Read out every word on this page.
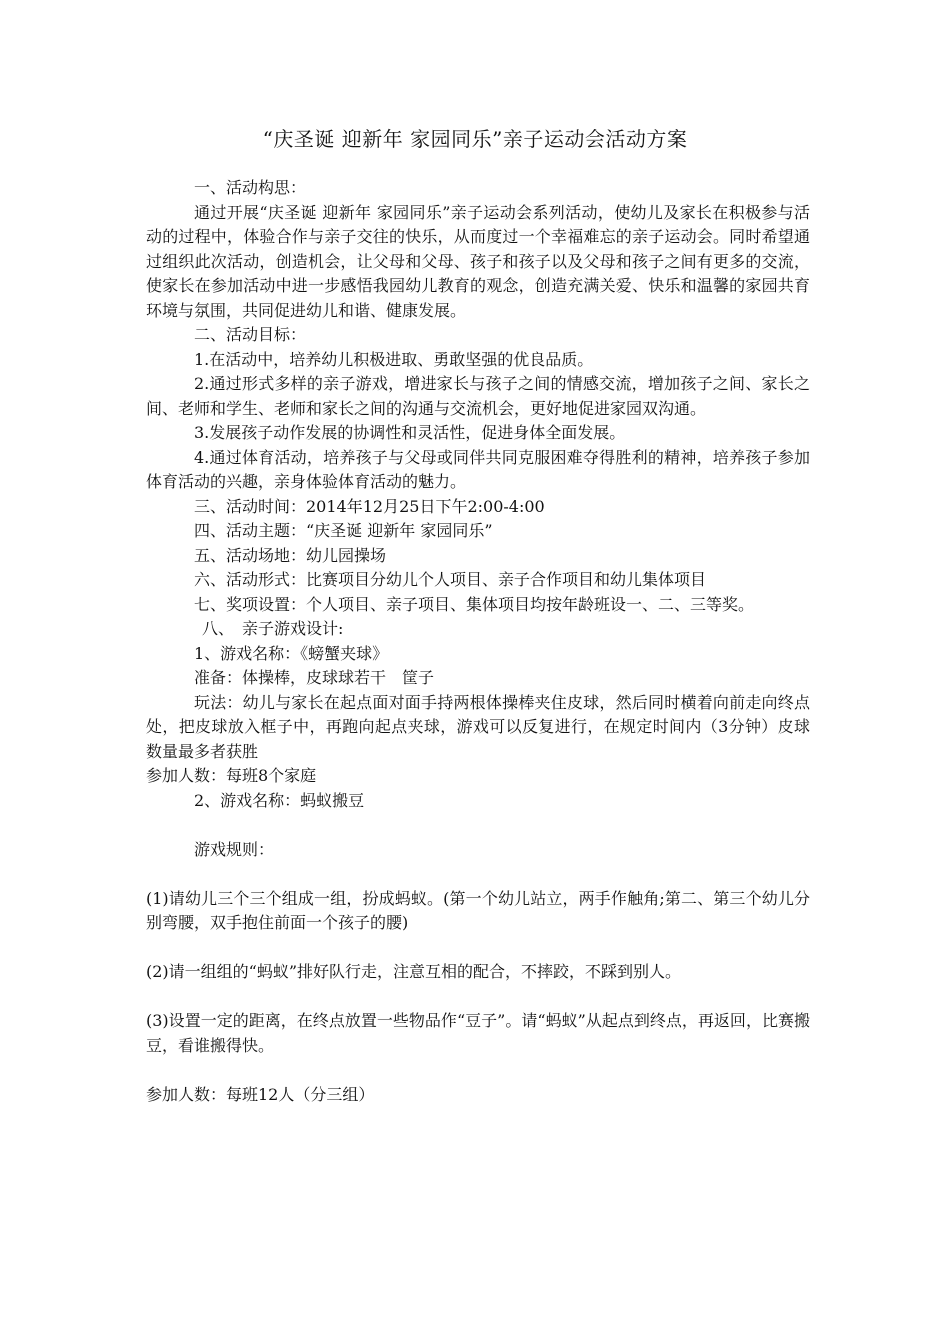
“庆圣诞 迎新年 家园同乐”亲子运动会活动方案

一、活动构思：

通过开展“庆圣诞 迎新年 家园同乐”亲子运动会系列活动，使幼儿及家长在积极参与活动的过程中，体验合作与亲子交往的快乐，从而度过一个幸福难忘的亲子运动会。同时希望通过组织此次活动，创造机会，让父母和父母、孩子和孩子以及父母和孩子之间有更多的交流，使家长在参加活动中进一步感悟我园幼儿教育的观念，创造充满关爱、快乐和温馨的家园共育环境与氛围，共同促进幼儿和谐、健康发展。

二、活动目标：

1.在活动中，培养幼儿积极进取、勇敢坚强的优良品质。

2.通过形式多样的亲子游戏，增进家长与孩子之间的情感交流，增加孩子之间、家长之间、老师和学生、老师和家长之间的沟通与交流机会，更好地促进家园双沟通。

3.发展孩子动作发展的协调性和灵活性，促进身体全面发展。

4.通过体育活动，培养孩子与父母或同伴共同克服困难夺得胜利的精神，培养孩子参加体育活动的兴趣，亲身体验体育活动的魅力。

三、活动时间：2014年12月25日下午2:00-4:00

四、活动主题：“庆圣诞 迎新年 家园同乐”

五、活动场地：幼儿园操场

六、活动形式：比赛项目分幼儿个人项目、亲子合作项目和幼儿集体项目

七、奖项设置：个人项目、亲子项目、集体项目均按年龄班设一、二、三等奖。

八、　亲子游戏设计:

1、游戏名称：《螃蟹夹球》

准备：体操棒，皮球球若干　筐子

玩法：幼儿与家长在起点面对面手持两根体操棒夹住皮球，然后同时横着向前走向终点处，把皮球放入框子中，再跑向起点夹球，游戏可以反复进行，在规定时间内（3分钟）皮球数量最多者获胜

参加人数：每班8个家庭

2、游戏名称：蚂蚁搬豆

游戏规则：

(1)请幼儿三个三个组成一组，扮成蚂蚁。(第一个幼儿站立，两手作触角;第二、第三个幼儿分别弯腰，双手抱住前面一个孩子的腰)

(2)请一组组的“蚂蚁”排好队行走，注意互相的配合，不摔跤，不踩到别人。

(3)设置一定的距离，在终点放置一些物品作“豆子”。请“蚂蚁”从起点到终点，再返回，比赛搬豆，看谁搬得快。

参加人数：每班12人（分三组）
